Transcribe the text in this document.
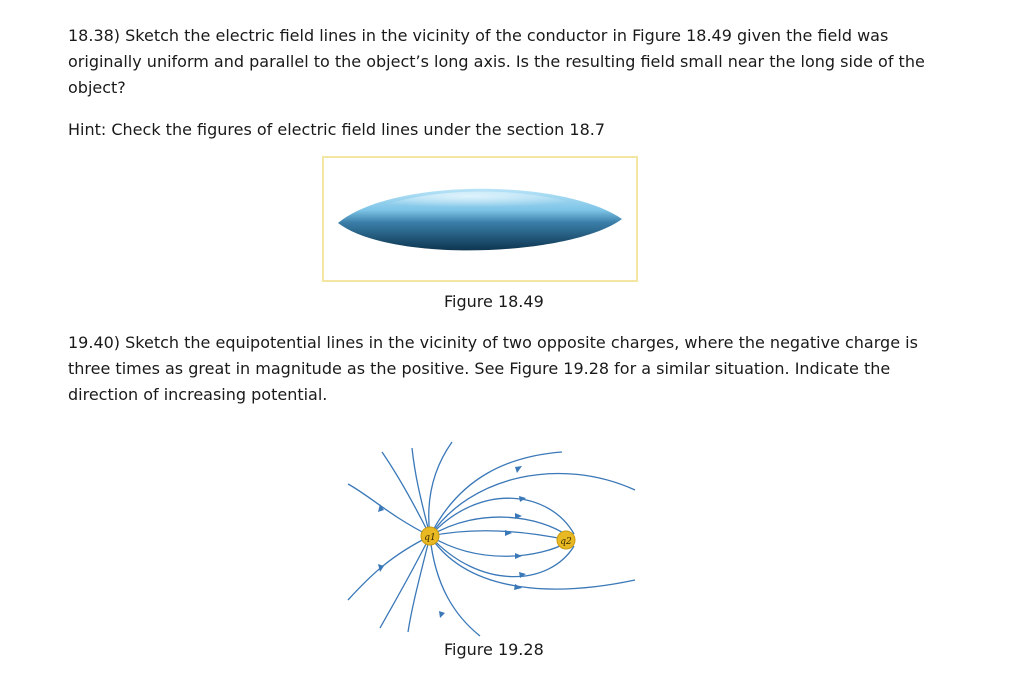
18.38) Sketch the electric field lines in the vicinity of the conductor in Figure 18.49 given the field was originally uniform and parallel to the object’s long axis. Is the resulting field small near the long side of the object?

Hint: Check the figures of electric field lines under the section 18.7

Figure 18.49

19.40) Sketch the equipotential lines in the vicinity of two opposite charges, where the negative charge is three times as great in magnitude as the positive. See Figure 19.28 for a similar situation. Indicate the direction of increasing potential.

q1	q2

Figure 19.28
